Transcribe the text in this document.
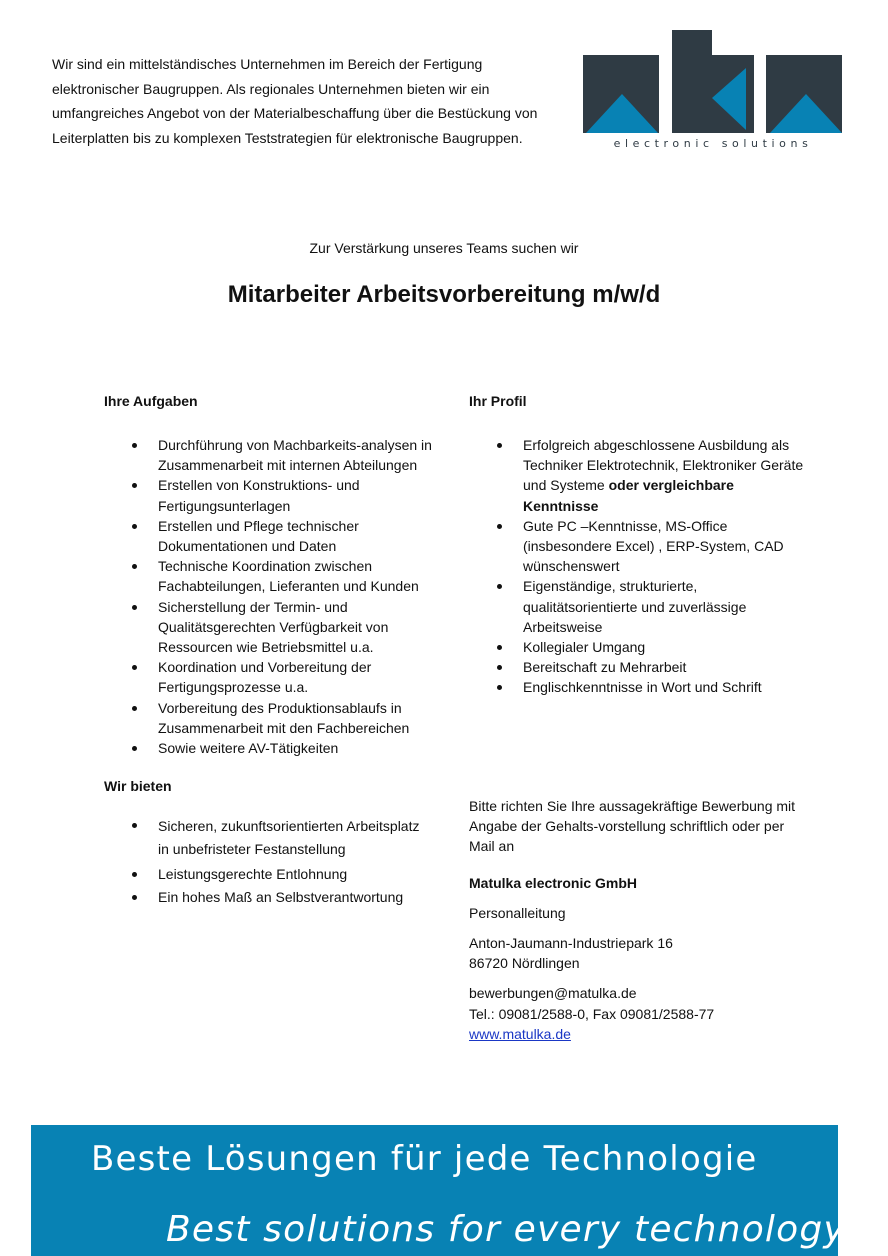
Wir sind ein mittelständisches Unternehmen im Bereich der Fertigung elektronischer Baugruppen. Als regionales Unternehmen bieten wir ein umfangreiches Angebot von der Materialbeschaffung über die Bestückung von Leiterplatten bis zu komplexen Teststrategien für elektronische Baugruppen.	electronic solutions

Zur Verstärkung unseres Teams suchen wir

Mitarbeiter Arbeitsvorbereitung m/w/d
Ihre Aufgaben
Durchführung von Machbarkeits-analysen in Zusammenarbeit mit internen Abteilungen
Erstellen von Konstruktions- und Fertigungsunterlagen
Erstellen und Pflege technischer Dokumentationen und Daten
Technische Koordination zwischen Fachabteilungen, Lieferanten und Kunden
Sicherstellung der Termin- und Qualitätsgerechten Verfügbarkeit von Ressourcen wie Betriebsmittel u.a.
Koordination und Vorbereitung der Fertigungsprozesse u.a.
Vorbereitung des Produktionsablaufs in Zusammenarbeit mit den Fachbereichen
Sowie weitere AV-Tätigkeiten
Wir bieten
Sicheren, zukunftsorientierten Arbeitsplatz in unbefristeter Festanstellung
Leistungsgerechte Entlohnung
Ein hohes Maß an Selbstverantwortung
Ihr Profil
Erfolgreich abgeschlossene Ausbildung als Techniker Elektrotechnik, Elektroniker Geräte und Systeme oder vergleichbare Kenntnisse
Gute PC –Kenntnisse, MS-Office (insbesondere Excel) , ERP-System, CAD wünschenswert
Eigenständige, strukturierte, qualitätsorientierte und zuverlässige Arbeitsweise
Kollegialer Umgang
Bereitschaft zu Mehrarbeit
Englischkenntnisse in Wort und Schrift

Bitte richten Sie Ihre aussagekräftige Bewerbung mit Angabe der Gehalts-vorstellung schriftlich oder per Mail an

Matulka electronic GmbH

Personalleitung

Anton-Jaumann-Industriepark 16

86720 Nördlingen

bewerbungen@matulka.de

Tel.: 09081/2588-0, Fax 09081/2588-77

www.matulka.de

Beste Lösungen für jede Technologie

Best solutions for every technology
